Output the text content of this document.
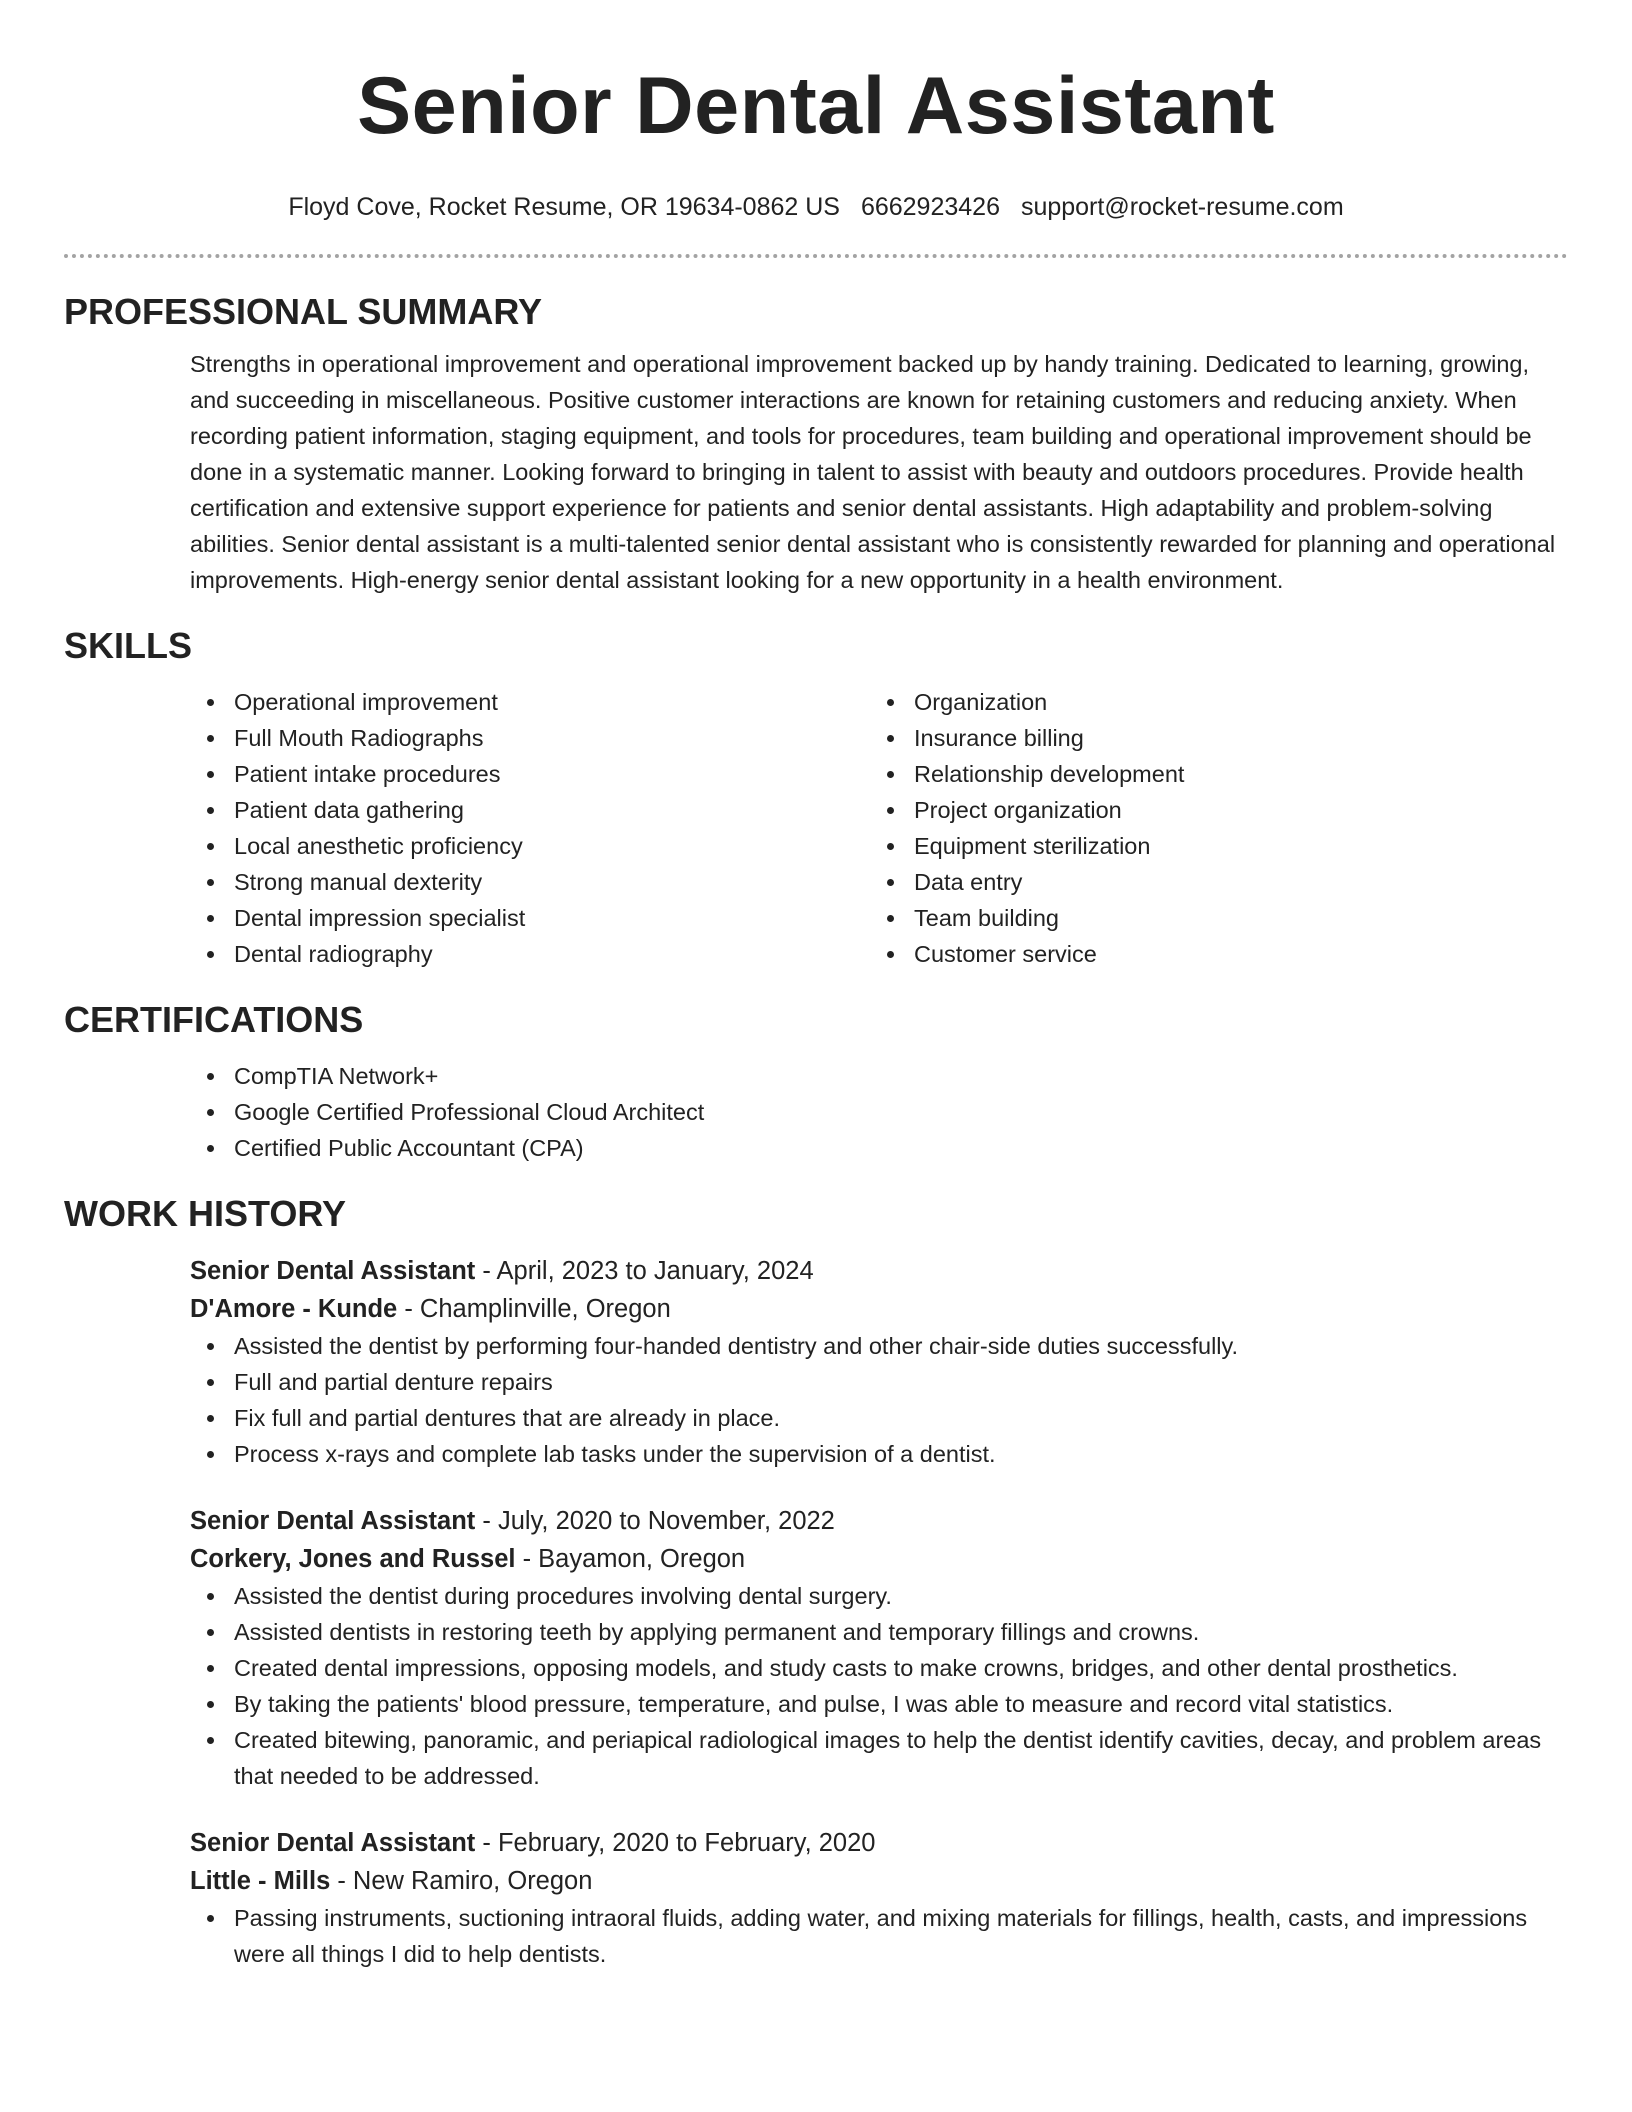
Senior Dental Assistant
Floyd Cove, Rocket Resume, OR 19634-0862 US 6662923426 support@rocket-resume.com
PROFESSIONAL SUMMARY

Strengths in operational improvement and operational improvement backed up by handy training. Dedicated to learning, growing, and succeeding in miscellaneous. Positive customer interactions are known for retaining customers and reducing anxiety. When recording patient information, staging equipment, and tools for procedures, team building and operational improvement should be done in a systematic manner. Looking forward to bringing in talent to assist with beauty and outdoors procedures. Provide health certification and extensive support experience for patients and senior dental assistants. High adaptability and problem-solving abilities. Senior dental assistant is a multi-talented senior dental assistant who is consistently rewarded for planning and operational improvements. High-energy senior dental assistant looking for a new opportunity in a health environment.

SKILLS
Operational improvement
Full Mouth Radiographs
Patient intake procedures
Patient data gathering
Local anesthetic proficiency
Strong manual dexterity
Dental impression specialist
Dental radiography
Organization
Insurance billing
Relationship development
Project organization
Equipment sterilization
Data entry
Team building
Customer service
CERTIFICATIONS
CompTIA Network+
Google Certified Professional Cloud Architect
Certified Public Accountant (CPA)
WORK HISTORY
Senior Dental Assistant - April, 2023 to January, 2024
D'Amore - Kunde - Champlinville, Oregon
Assisted the dentist by performing four-handed dentistry and other chair-side duties successfully.
Full and partial denture repairs
Fix full and partial dentures that are already in place.
Process x-rays and complete lab tasks under the supervision of a dentist.
Senior Dental Assistant - July, 2020 to November, 2022
Corkery, Jones and Russel - Bayamon, Oregon
Assisted the dentist during procedures involving dental surgery.
Assisted dentists in restoring teeth by applying permanent and temporary fillings and crowns.
Created dental impressions, opposing models, and study casts to make crowns, bridges, and other dental prosthetics.
By taking the patients' blood pressure, temperature, and pulse, I was able to measure and record vital statistics.
Created bitewing, panoramic, and periapical radiological images to help the dentist identify cavities, decay, and problem areas that needed to be addressed.
Senior Dental Assistant - February, 2020 to February, 2020
Little - Mills - New Ramiro, Oregon
Passing instruments, suctioning intraoral fluids, adding water, and mixing materials for fillings, health, casts, and impressions were all things I did to help dentists.
